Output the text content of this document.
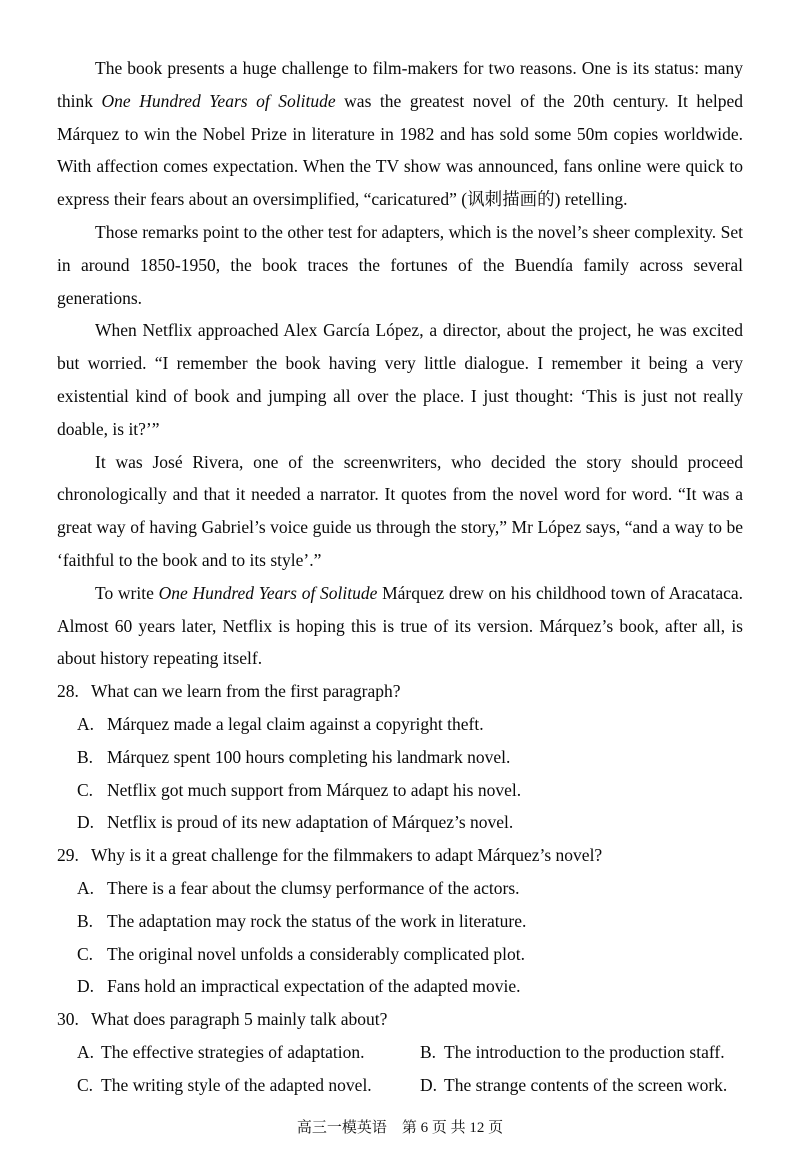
The book presents a huge challenge to film-makers for two reasons. One is its status: many think One Hundred Years of Solitude was the greatest novel of the 20th century. It helped Márquez to win the Nobel Prize in literature in 1982 and has sold some 50m copies worldwide. With affection comes expectation. When the TV show was announced, fans online were quick to express their fears about an oversimplified, “caricatured” (讽刺描画的) retelling.

Those remarks point to the other test for adapters, which is the novel’s sheer complexity. Set in around 1850-1950, the book traces the fortunes of the Buendía family across several generations.

When Netflix approached Alex García López, a director, about the project, he was excited but worried. “I remember the book having very little dialogue. I remember it being a very existential kind of book and jumping all over the place. I just thought: ‘This is just not really doable, is it?’”

It was José Rivera, one of the screenwriters, who decided the story should proceed chronologically and that it needed a narrator. It quotes from the novel word for word. “It was a great way of having Gabriel’s voice guide us through the story,” Mr López says, “and a way to be ‘faithful to the book and to its style’.”

To write One Hundred Years of Solitude Márquez drew on his childhood town of Aracataca. Almost 60 years later, Netflix is hoping this is true of its version. Márquez’s book, after all, is about history repeating itself.

28. What can we learn from the first paragraph?
A. Márquez made a legal claim against a copyright theft.
B. Márquez spent 100 hours completing his landmark novel.
C. Netflix got much support from Márquez to adapt his novel.
D. Netflix is proud of its new adaptation of Márquez’s novel.
29. Why is it a great challenge for the filmmakers to adapt Márquez’s novel?
A. There is a fear about the clumsy performance of the actors.
B. The adaptation may rock the status of the work in literature.
C. The original novel unfolds a considerably complicated plot.
D. Fans hold an impractical expectation of the adapted movie.
30. What does paragraph 5 mainly talk about?
A. The effective strategies of adaptation.	B. The introduction to the production staff.
C. The writing style of the adapted novel.	D. The strange contents of the screen work.
高三一模英语　第 6 页 共 12 页
